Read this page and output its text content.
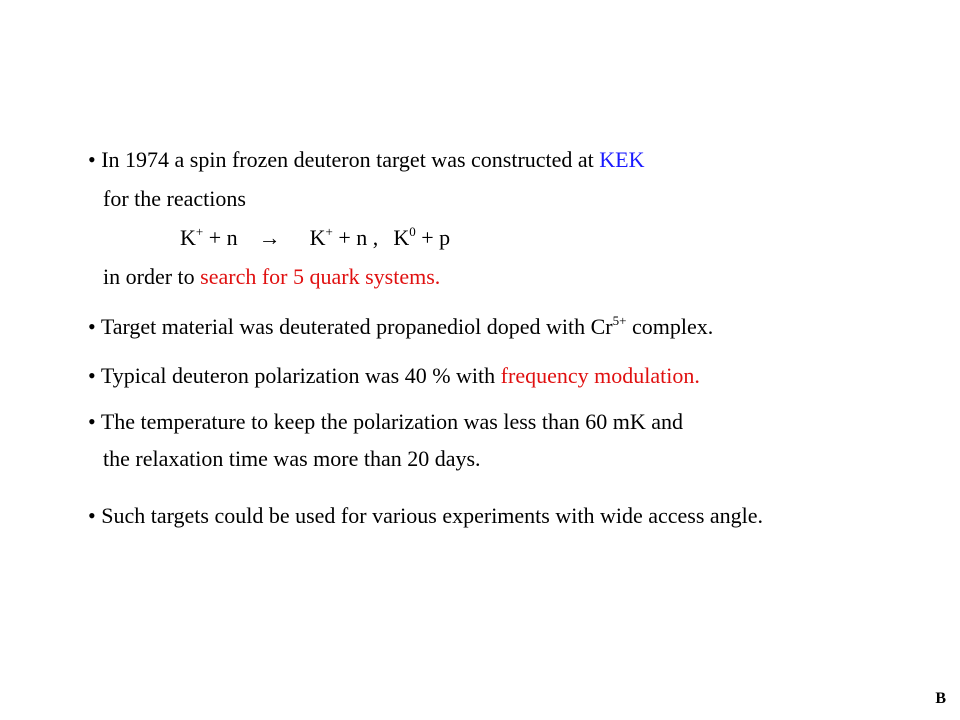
• In 1974 a spin frozen deuteron target was constructed at KEK
for the reactions
K+ + n → K+ + n , $K^0 + p$
in order to search for 5 quark systems.
• Target material was deuterated propanediol doped with $Cr^{5+}$ complex.
• Typical deuteron polarization was 40 % with frequency modulation.
• The temperature to keep the polarization was less than 60 mK and
the relaxation time was more than 20 days.
• Such targets could be used for various experiments with wide access angle.
B
